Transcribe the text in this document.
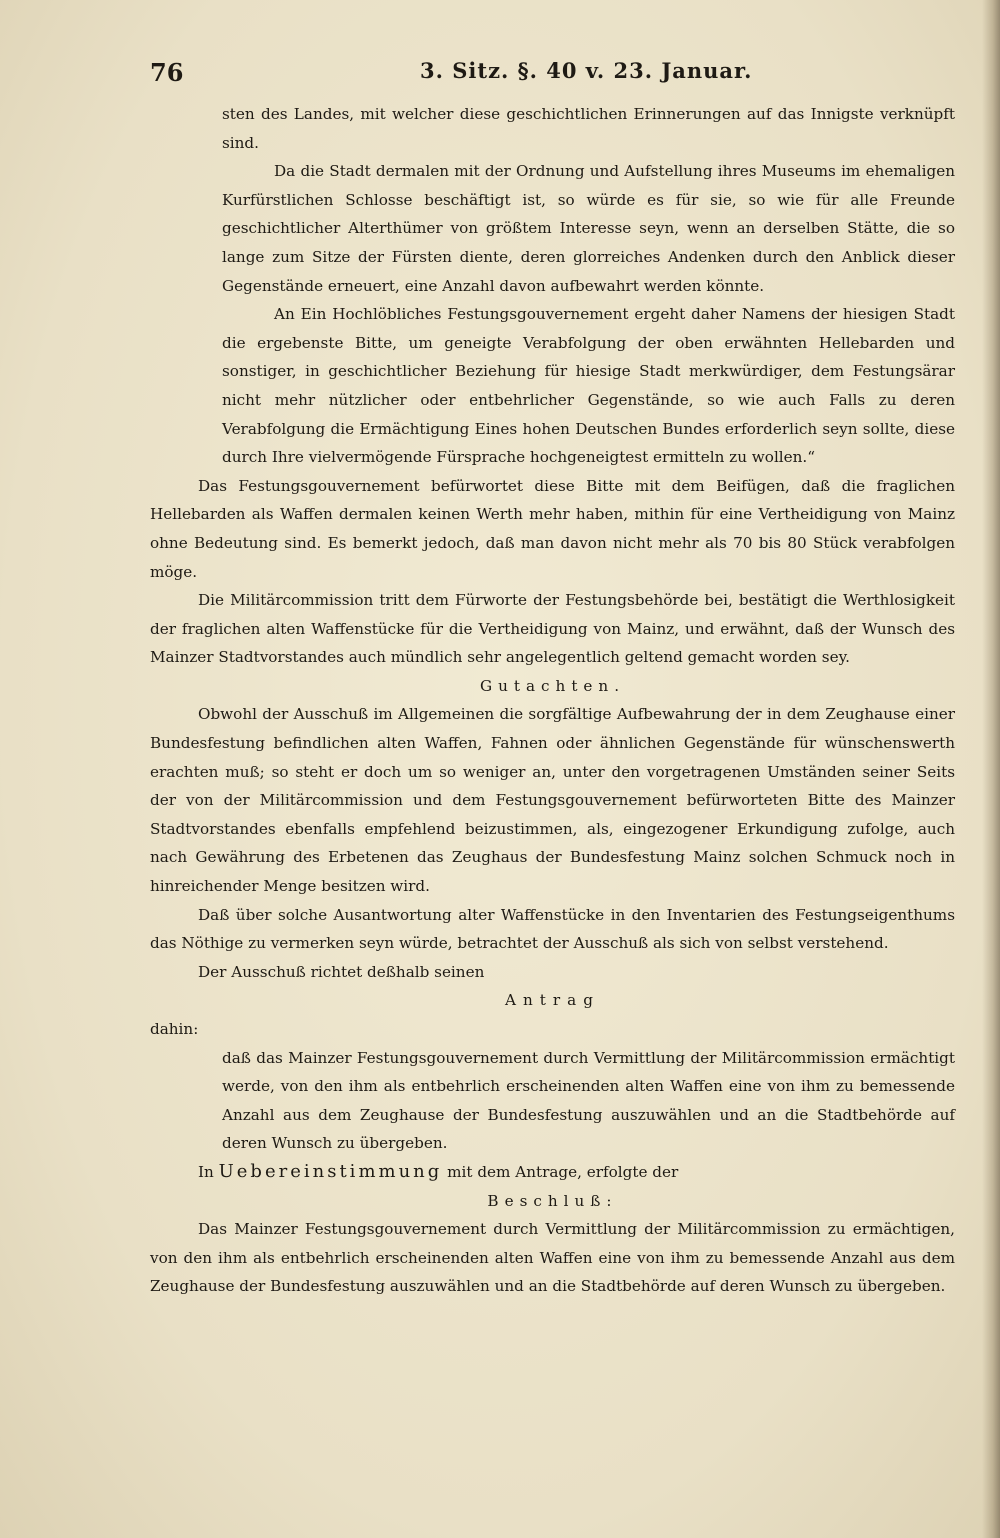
76	3. Sitz. §. 40 v. 23. Januar.

sten des Landes, mit welcher diese geschichtlichen Erinnerungen auf das Innigste verknüpft sind.

Da die Stadt dermalen mit der Ordnung und Aufstellung ihres Museums im ehemaligen Kurfürstlichen Schlosse beschäftigt ist, so würde es für sie, so wie für alle Freunde geschichtlicher Alterthümer von größtem Interesse seyn, wenn an derselben Stätte, die so lange zum Sitze der Fürsten diente, deren glorreiches Andenken durch den Anblick dieser Gegenstände erneuert, eine Anzahl davon aufbewahrt werden könnte.

An Ein Hochlöbliches Festungsgouvernement ergeht daher Namens der hiesigen Stadt die ergebenste Bitte, um geneigte Verabfolgung der oben erwähnten Hellebarden und sonstiger, in geschichtlicher Beziehung für hiesige Stadt merkwürdiger, dem Festungsärar nicht mehr nützlicher oder entbehrlicher Gegenstände, so wie auch Falls zu deren Verabfolgung die Ermächtigung Eines hohen Deutschen Bundes erforderlich seyn sollte, diese durch Ihre vielvermögende Fürsprache hochgeneigtest ermitteln zu wollen.“

Das Festungsgouvernement befürwortet diese Bitte mit dem Beifügen, daß die fraglichen Hellebarden als Waffen dermalen keinen Werth mehr haben, mithin für eine Vertheidigung von Mainz ohne Bedeutung sind. Es bemerkt jedoch, daß man davon nicht mehr als 70 bis 80 Stück verabfolgen möge.

Die Militärcommission tritt dem Fürworte der Festungsbehörde bei, bestätigt die Werthlosigkeit der fraglichen alten Waffenstücke für die Vertheidigung von Mainz, und erwähnt, daß der Wunsch des Mainzer Stadtvorstandes auch mündlich sehr angelegentlich geltend gemacht worden sey.

Gutachten.

Obwohl der Ausschuß im Allgemeinen die sorgfältige Aufbewahrung der in dem Zeughause einer Bundesfestung befindlichen alten Waffen, Fahnen oder ähnlichen Gegenstände für wünschenswerth erachten muß; so steht er doch um so weniger an, unter den vorgetragenen Umständen seiner Seits der von der Militärcommission und dem Festungsgouvernement befürworteten Bitte des Mainzer Stadtvorstandes ebenfalls empfehlend beizustimmen, als, eingezogener Erkundigung zufolge, auch nach Gewährung des Erbetenen das Zeughaus der Bundesfestung Mainz solchen Schmuck noch in hinreichender Menge besitzen wird.

Daß über solche Ausantwortung alter Waffenstücke in den Inventarien des Festungseigenthums das Nöthige zu vermerken seyn würde, betrachtet der Ausschuß als sich von selbst verstehend.

Der Ausschuß richtet deßhalb seinen

Antrag

dahin:

daß das Mainzer Festungsgouvernement durch Vermittlung der Militärcommission ermächtigt werde, von den ihm als entbehrlich erscheinenden alten Waffen eine von ihm zu bemessende Anzahl aus dem Zeughause der Bundesfestung auszuwählen und an die Stadtbehörde auf deren Wunsch zu übergeben.

In Uebereinstimmung mit dem Antrage, erfolgte der

Beschluß:

Das Mainzer Festungsgouvernement durch Vermittlung der Militärcommission zu ermächtigen, von den ihm als entbehrlich erscheinenden alten Waffen eine von ihm zu bemessende Anzahl aus dem Zeughause der Bundesfestung auszuwählen und an die Stadtbehörde auf deren Wunsch zu übergeben.
